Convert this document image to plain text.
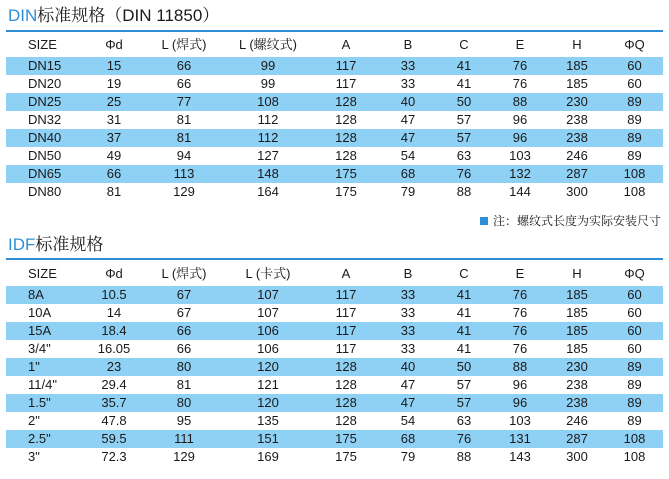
DIN标准规格（DIN 11850）
SIZE	Φd	L (焊式)	L (螺纹式)	A	B	C	E	H	ΦQ
DN15	15	66	99	117	33	41	76	185	60
DN20	19	66	99	117	33	41	76	185	60
DN25	25	77	108	128	40	50	88	230	89
DN32	31	81	112	128	47	57	96	238	89
DN40	37	81	112	128	47	57	96	238	89
DN50	49	94	127	128	54	63	103	246	89
DN65	66	113	148	175	68	76	132	287	108
DN80	81	129	164	175	79	88	144	300	108
注：螺纹式长度为实际安装尺寸
IDF标准规格
SIZE	Φd	L (焊式)	L (卡式)	A	B	C	E	H	ΦQ
8A	10.5	67	107	117	33	41	76	185	60
10A	14	67	107	117	33	41	76	185	60
15A	18.4	66	106	117	33	41	76	185	60
3/4"	16.05	66	106	117	33	41	76	185	60
1"	23	80	120	128	40	50	88	230	89
11/4"	29.4	81	121	128	47	57	96	238	89
1.5"	35.7	80	120	128	47	57	96	238	89
2"	47.8	95	135	128	54	63	103	246	89
2.5"	59.5	111	151	175	68	76	131	287	108
3"	72.3	129	169	175	79	88	143	300	108
